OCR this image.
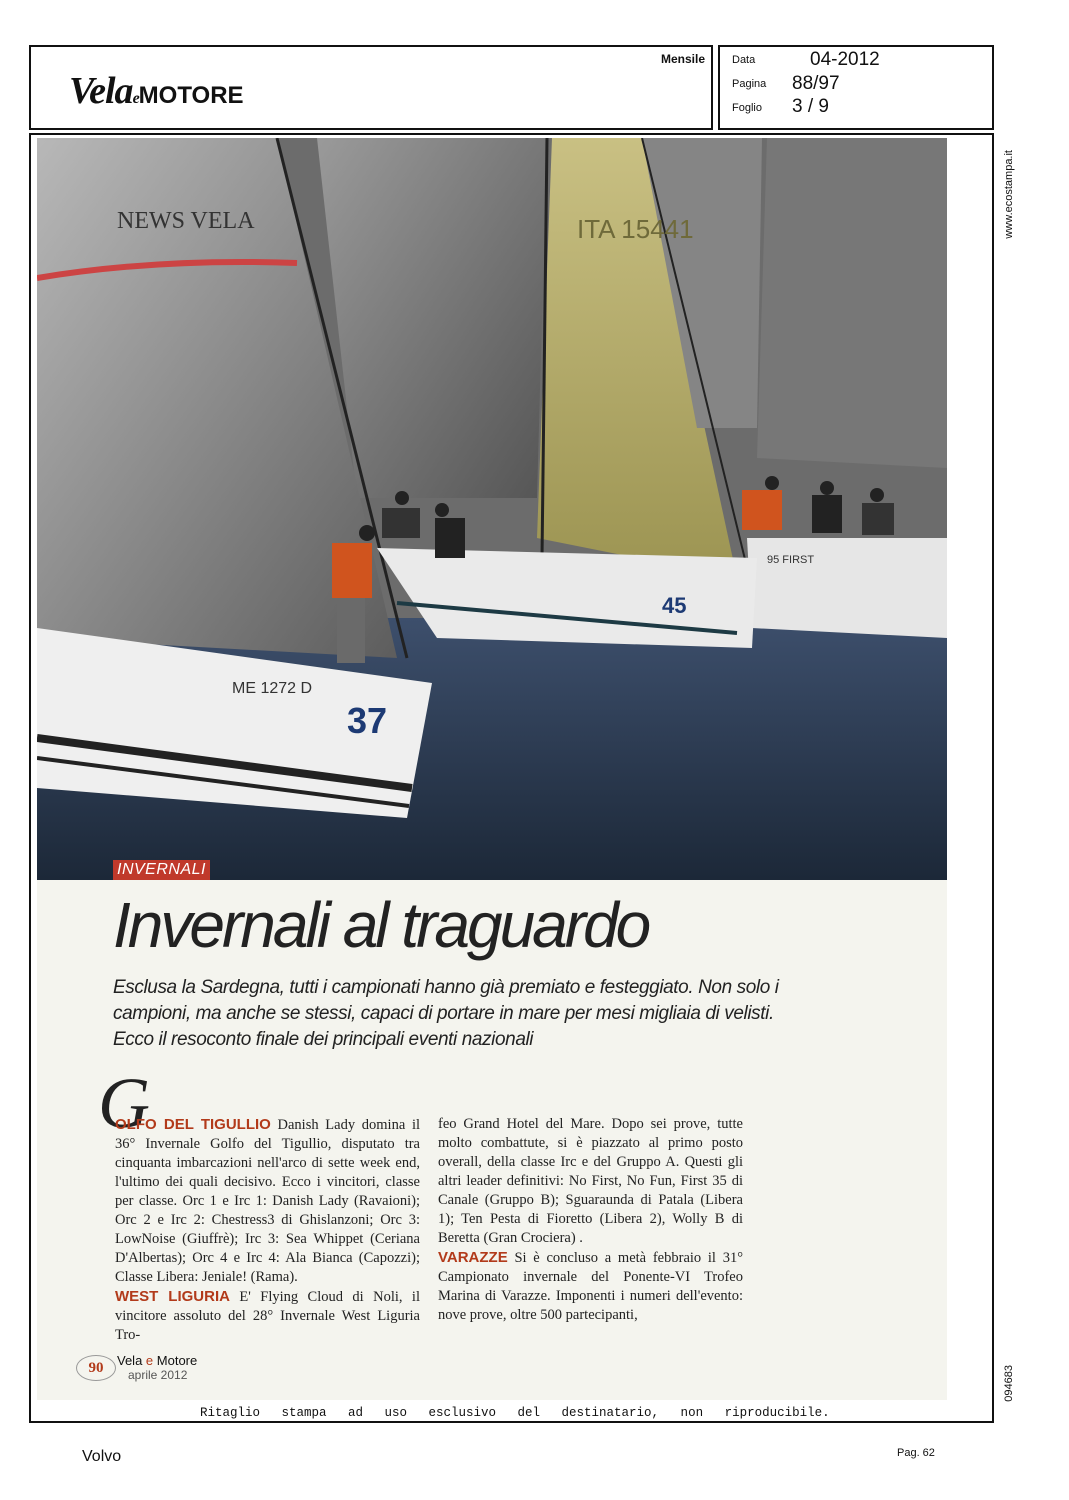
VelaeMOTORE
Mensile Data	04-2012
Pagina 88/97
Foglio 3 / 9
NEWS VELA	ITA 15441
95 FIRST
45
ME 1272 D
37
www.ecostampa.it
094683
INVERNALI
Invernali al traguardo
Esclusa la Sardegna, tutti i campionati hanno già premiato e festeggiato. Non solo i campioni, ma anche se stessi, capaci di portare in mare per mesi migliaia di velisti. Ecco il resoconto finale dei principali eventi nazionali
G
OLFO DEL TIGULLIO Danish Lady domina il 36° Invernale Golfo del Tigullio, disputato tra cinquanta imbarcazioni nell'arco di sette week end, l'ultimo dei quali decisivo. Ecco i vincitori, classe per classe. Orc 1 e Irc 1: Danish Lady (Ravaioni); Orc 2 e Irc 2: Chestress3 di Ghislanzoni; Orc 3: LowNoise (Giuffrè); Irc 3: Sea Whippet (Ceriana D'Albertas); Orc 4 e Irc 4: Ala Bianca (Capozzi); Classe Libera: Jeniale! (Rama).
WEST LIGURIA E' Flying Cloud di Noli, il vincitore assoluto del 28° Invernale West Liguria Tro-
feo Grand Hotel del Mare. Dopo sei prove, tutte molto combattute, si è piazzato al primo posto overall, della classe Irc e del Gruppo A. Questi gli altri leader definitivi: No First, No Fun, First 35 di Canale (Gruppo B); Sguaraunda di Patala (Libera 1); Ten Pesta di Fioretto (Libera 2), Wolly B di Beretta (Gran Crociera) .
VARAZZE Si è concluso a metà febbraio il 31° Campionato invernale del Ponente-VI Trofeo Marina di Varazze. Imponenti i numeri dell'evento: nove prove, oltre 500 partecipanti,
90	Vela e Motore
aprile 2012
Ritaglio stampa ad uso esclusivo del destinatario, non riproducibile.
Volvo	Pag. 62
